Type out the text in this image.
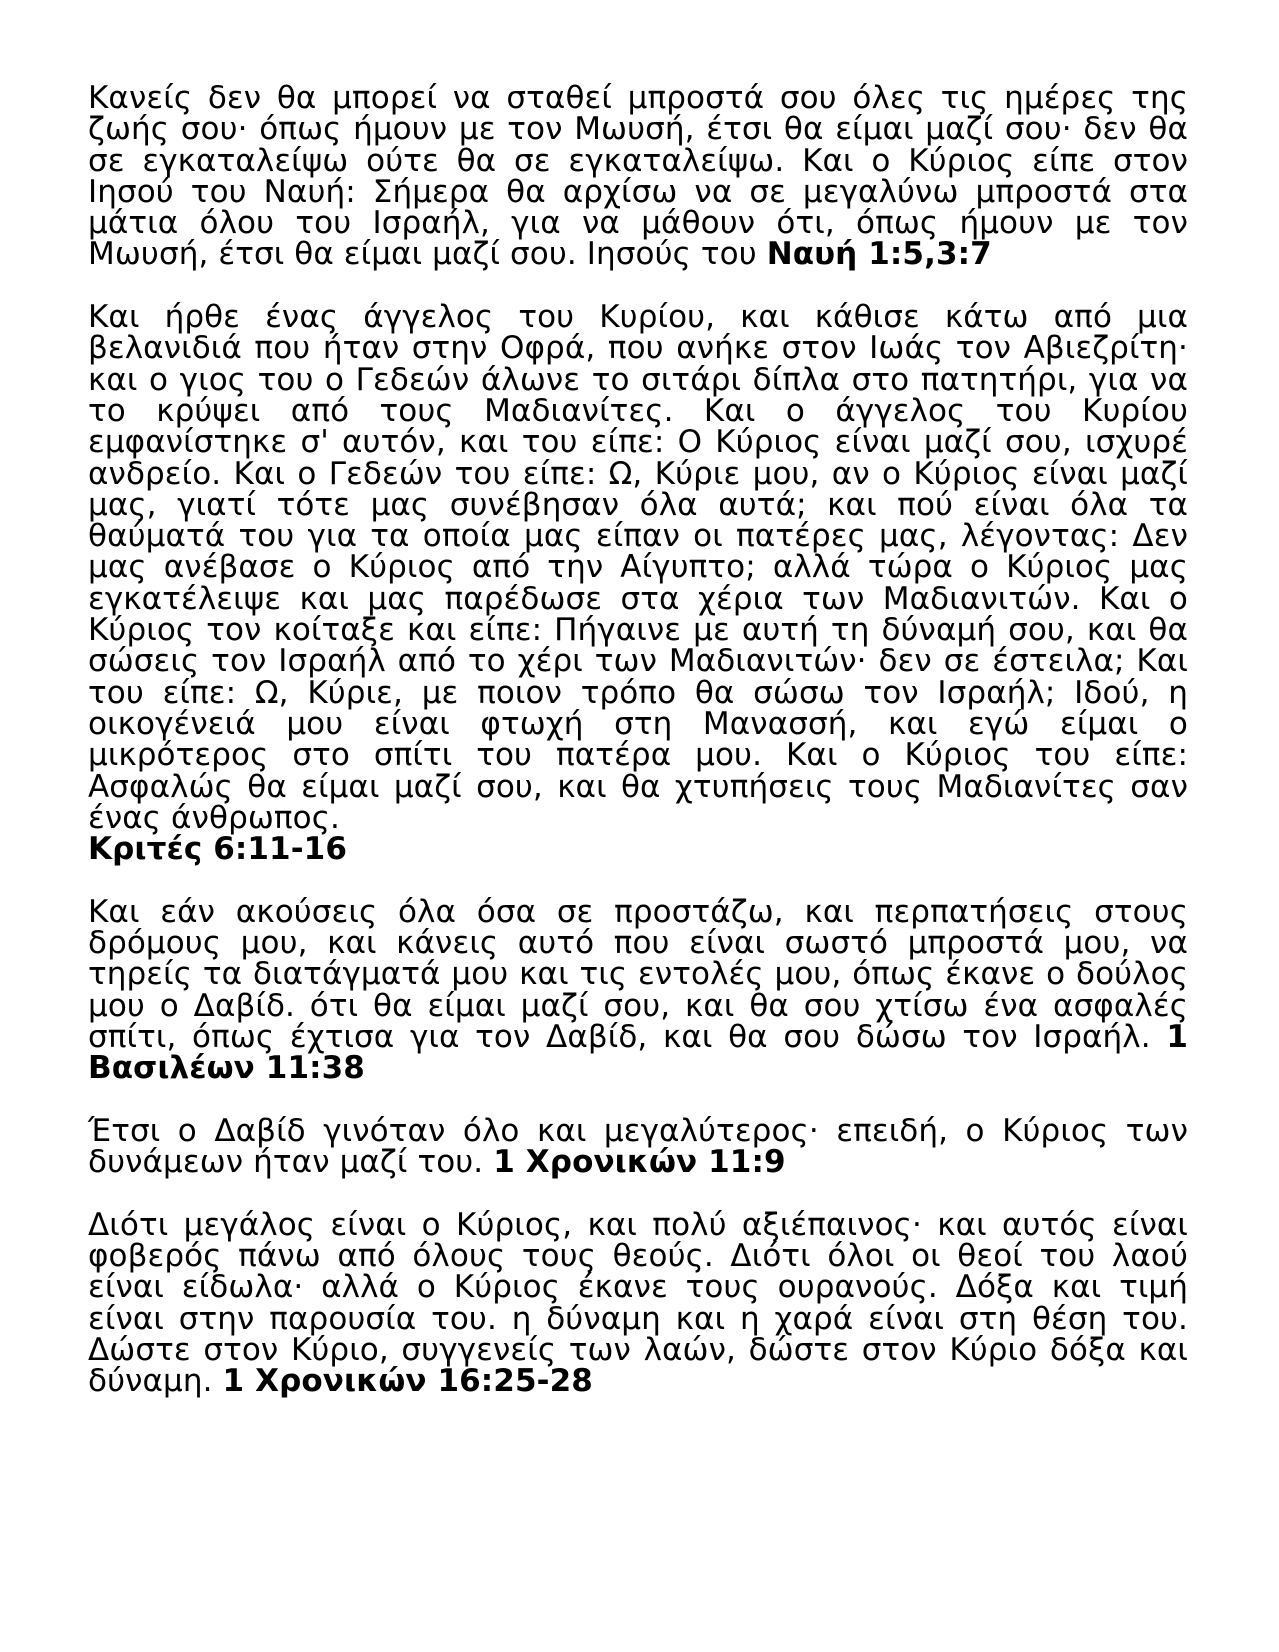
Κανείς δεν θα μπορεί να σταθεί μπροστά σου όλες τις ημέρες της ζωής σου· όπως ήμουν με τον Μωυσή, έτσι θα είμαι μαζί σου· δεν θα σε εγκαταλείψω ούτε θα σε εγκαταλείψω. Και ο Κύριος είπε στον Ιησού του Ναυή: Σήμερα θα αρχίσω να σε μεγαλύνω μπροστά στα μάτια όλου του Ισραήλ, για να μάθουν ότι, όπως ήμουν με τον Μωυσή, έτσι θα είμαι μαζί σου. Ιησούς του Ναυή 1:5,3:7

Και ήρθε ένας άγγελος του Κυρίου, και κάθισε κάτω από μια βελανιδιά που ήταν στην Οφρά, που ανήκε στον Ιωάς τον Αβιεζρίτη· και ο γιος του ο Γεδεών άλωνε το σιτάρι δίπλα στο πατητήρι, για να το κρύψει από τους Μαδιανίτες. Και ο άγγελος του Κυρίου εμφανίστηκε σ' αυτόν, και του είπε: Ο Κύριος είναι μαζί σου, ισχυρέ ανδρείο. Και ο Γεδεών του είπε: Ω, Κύριε μου, αν ο Κύριος είναι μαζί μας, γιατί τότε μας συνέβησαν όλα αυτά; και πού είναι όλα τα θαύματά του για τα οποία μας είπαν οι πατέρες μας, λέγοντας: Δεν μας ανέβασε ο Κύριος από την Αίγυπτο; αλλά τώρα ο Κύριος μας εγκατέλειψε και μας παρέδωσε στα χέρια των Μαδιανιτών. Και ο Κύριος τον κοίταξε και είπε: Πήγαινε με αυτή τη δύναμή σου, και θα σώσεις τον Ισραήλ από το χέρι των Μαδιανιτών· δεν σε έστειλα; Και του είπε: Ω, Κύριε, με ποιον τρόπο θα σώσω τον Ισραήλ; Ιδού, η οικογένειά μου είναι φτωχή στη Μανασσή, και εγώ είμαι ο μικρότερος στο σπίτι του πατέρα μου. Και ο Κύριος του είπε: Ασφαλώς θα είμαι μαζί σου, και θα χτυπήσεις τους Μαδιανίτες σαν ένας άνθρωπος.
Κριτές 6:11-16

Και εάν ακούσεις όλα όσα σε προστάζω, και περπατήσεις στους δρόμους μου, και κάνεις αυτό που είναι σωστό μπροστά μου, να τηρείς τα διατάγματά μου και τις εντολές μου, όπως έκανε ο δούλος μου ο Δαβίδ. ότι θα είμαι μαζί σου, και θα σου χτίσω ένα ασφαλές σπίτι, όπως έχτισα για τον Δαβίδ, και θα σου δώσω τον Ισραήλ. 1 Βασιλέων 11:38

Έτσι ο Δαβίδ γινόταν όλο και μεγαλύτερος· επειδή, ο Κύριος των δυνάμεων ήταν μαζί του. 1 Χρονικών 11:9

Διότι μεγάλος είναι ο Κύριος, και πολύ αξιέπαινος· και αυτός είναι φοβερός πάνω από όλους τους θεούς. Διότι όλοι οι θεοί του λαού είναι είδωλα· αλλά ο Κύριος έκανε τους ουρανούς. Δόξα και τιμή είναι στην παρουσία του. η δύναμη και η χαρά είναι στη θέση του. Δώστε στον Κύριο, συγγενείς των λαών, δώστε στον Κύριο δόξα και δύναμη. 1 Χρονικών 16:25-28
